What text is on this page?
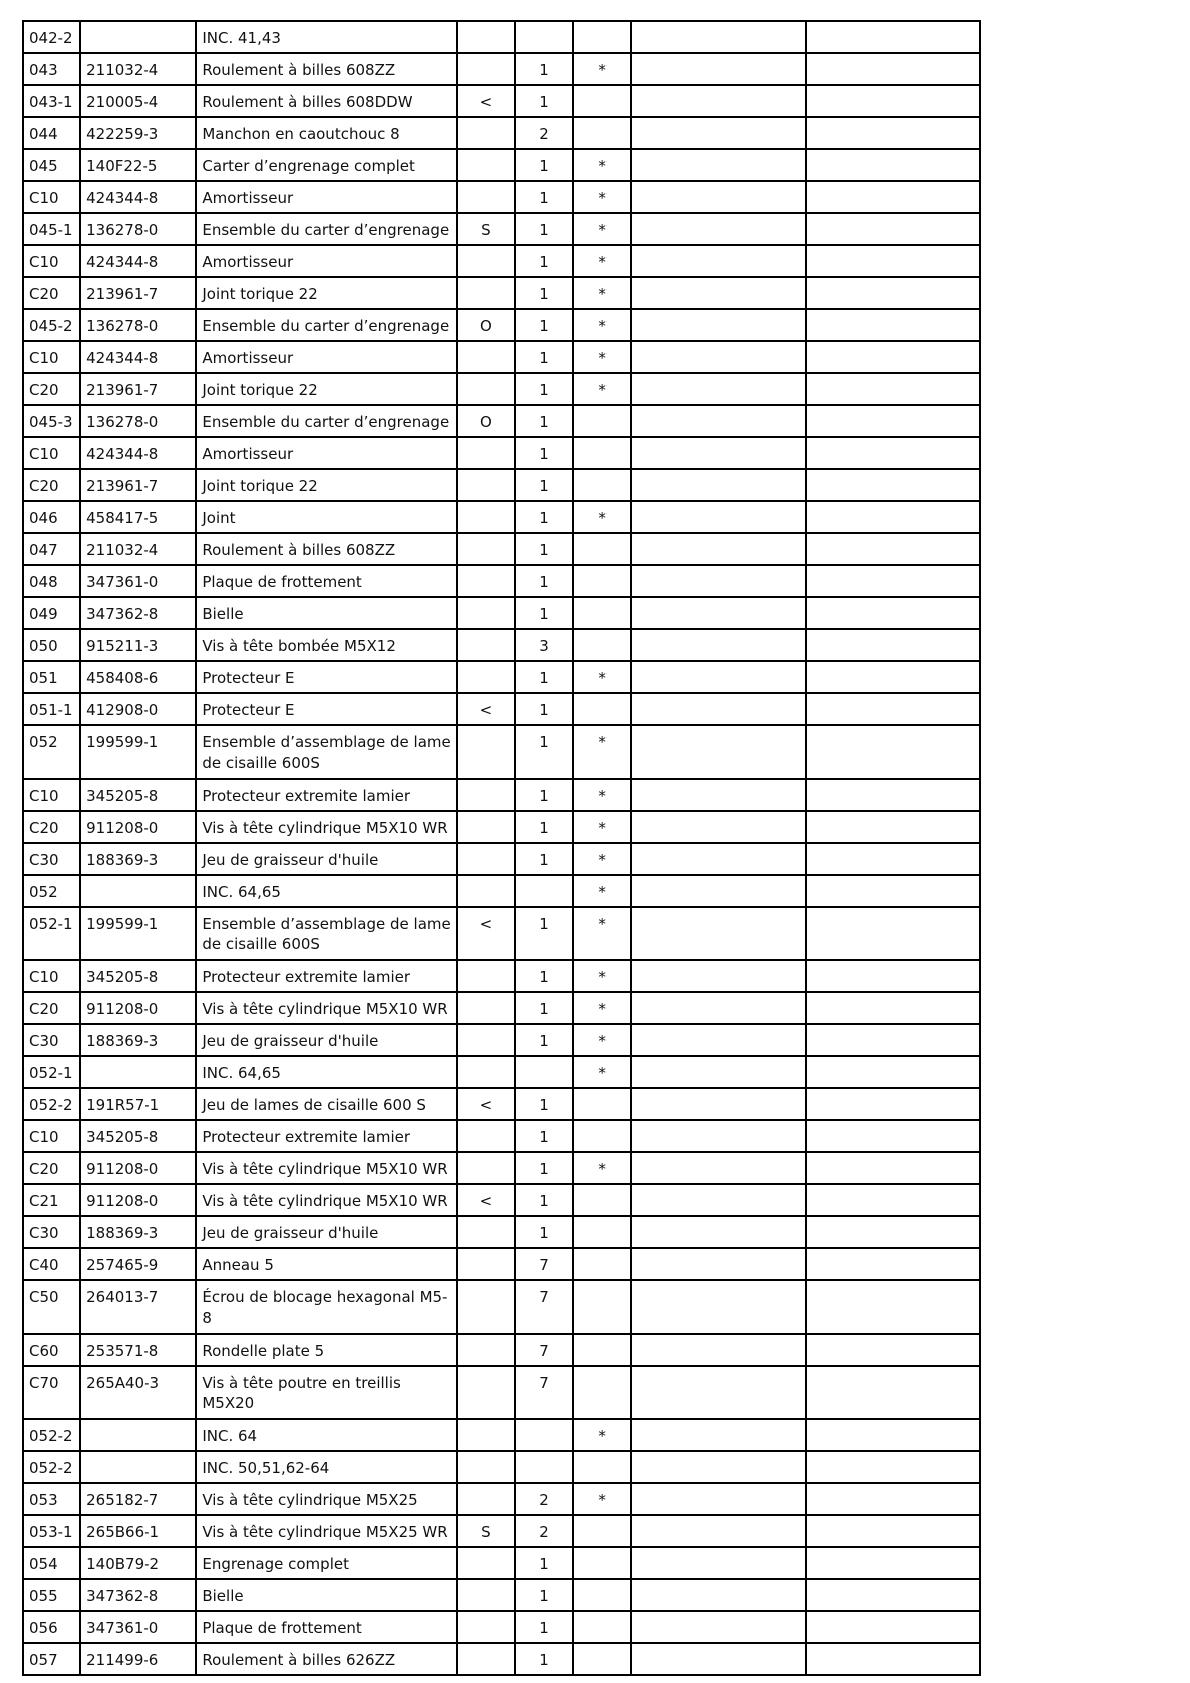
042-2		INC. 41,43					
043	211032-4	Roulement à billes 608ZZ		1	*		
043-1	210005-4	Roulement à billes 608DDW	<	1			
044	422259-3	Manchon en caoutchouc 8		2			
045	140F22-5	Carter d’engrenage complet		1	*		
C10	424344-8	Amortisseur		1	*		
045-1	136278-0	Ensemble du carter d’engrenage	S	1	*		
C10	424344-8	Amortisseur		1	*		
C20	213961-7	Joint torique 22		1	*		
045-2	136278-0	Ensemble du carter d’engrenage	O	1	*		
C10	424344-8	Amortisseur		1	*		
C20	213961-7	Joint torique 22		1	*		
045-3	136278-0	Ensemble du carter d’engrenage	O	1			
C10	424344-8	Amortisseur		1			
C20	213961-7	Joint torique 22		1			
046	458417-5	Joint		1	*		
047	211032-4	Roulement à billes 608ZZ		1			
048	347361-0	Plaque de frottement		1			
049	347362-8	Bielle		1			
050	915211-3	Vis à tête bombée M5X12		3			
051	458408-6	Protecteur E		1	*		
051-1	412908-0	Protecteur E	<	1			
052	199599-1	Ensemble d’assemblage de lame de cisaille 600S		1	*		
C10	345205-8	Protecteur extremite lamier		1	*		
C20	911208-0	Vis à tête cylindrique M5X10 WR		1	*		
C30	188369-3	Jeu de graisseur d'huile		1	*		
052		INC. 64,65			*		
052-1	199599-1	Ensemble d’assemblage de lame de cisaille 600S	<	1	*		
C10	345205-8	Protecteur extremite lamier		1	*		
C20	911208-0	Vis à tête cylindrique M5X10 WR		1	*		
C30	188369-3	Jeu de graisseur d'huile		1	*		
052-1		INC. 64,65			*		
052-2	191R57-1	Jeu de lames de cisaille 600 S	<	1			
C10	345205-8	Protecteur extremite lamier		1			
C20	911208-0	Vis à tête cylindrique M5X10 WR		1	*		
C21	911208-0	Vis à tête cylindrique M5X10 WR	<	1			
C30	188369-3	Jeu de graisseur d'huile		1			
C40	257465-9	Anneau 5		7			
C50	264013-7	Écrou de blocage hexagonal M5-8		7			
C60	253571-8	Rondelle plate 5		7			
C70	265A40-3	Vis à tête poutre en treillis M5X20		7			
052-2		INC. 64			*		
052-2		INC. 50,51,62-64					
053	265182-7	Vis à tête cylindrique M5X25		2	*		
053-1	265B66-1	Vis à tête cylindrique M5X25 WR	S	2			
054	140B79-2	Engrenage complet		1			
055	347362-8	Bielle		1			
056	347361-0	Plaque de frottement		1			
057	211499-6	Roulement à billes 626ZZ		1			
